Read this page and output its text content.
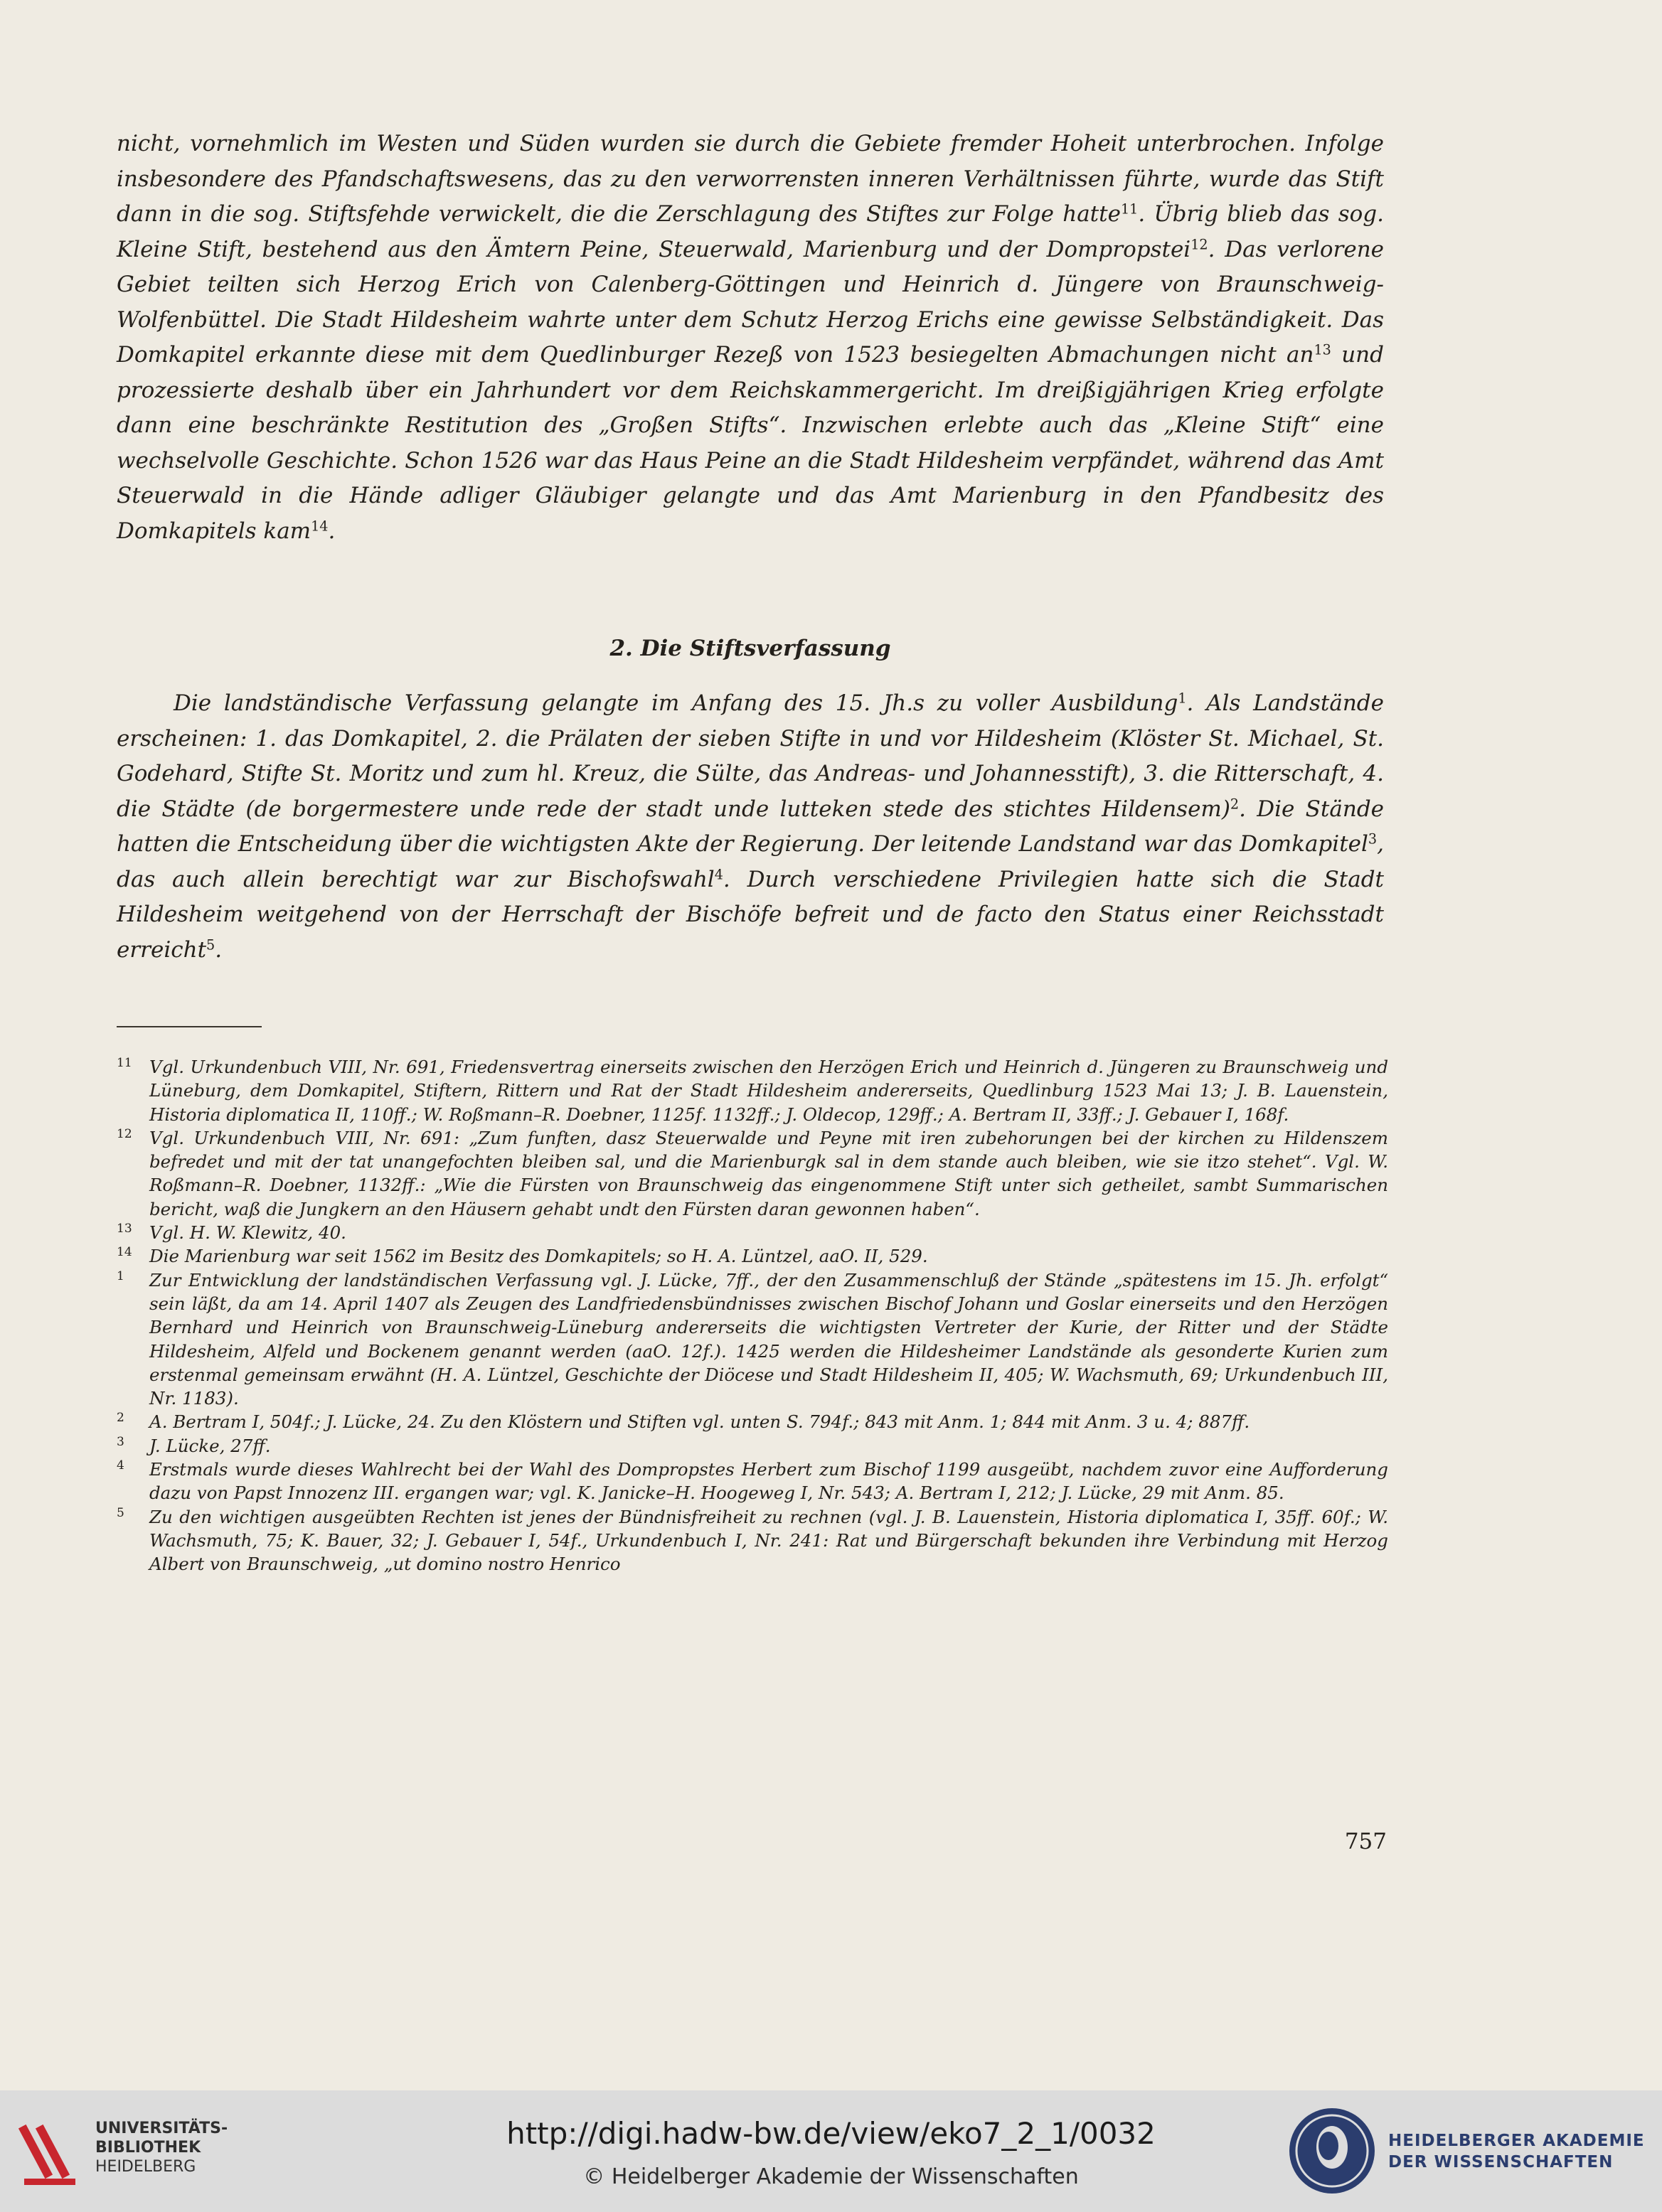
nicht, vornehmlich im Westen und Süden wurden sie durch die Gebiete fremder Hoheit unterbrochen. Infolge insbesondere des Pfandschaftswesens, das zu den verworrensten inneren Verhältnissen führte, wurde das Stift dann in die sog. Stiftsfehde verwickelt, die die Zerschlagung des Stiftes zur Folge hatte$^{11}$. Übrig blieb das sog. Kleine Stift, bestehend aus den Ämtern Peine, Steuerwald, Marienburg und der Dompropstei$^{12}$. Das verlorene Gebiet teilten sich Herzog Erich von Calenberg-Göttingen und Heinrich d. Jüngere von Braunschweig-Wolfenbüttel. Die Stadt Hildesheim wahrte unter dem Schutz Herzog Erichs eine gewisse Selbständigkeit. Das Domkapitel erkannte diese mit dem Quedlinburger Rezeß von 1523 besiegelten Abmachungen nicht $an^{13}$ und prozessierte deshalb über ein Jahrhundert vor dem Reichskammergericht. Im dreißigjährigen Krieg erfolgte dann eine beschränkte Restitution des „Großen Stifts“. Inzwischen erlebte auch das „Kleine Stift“ eine wechselvolle Geschichte. Schon 1526 war das Haus Peine an die Stadt Hildesheim verpfändet, während das Amt Steuerwald in die Hände adliger Gläubiger gelangte und das Amt Marienburg in den Pfandbesitz des Domkapitels kam$^{14}$.

2. Die Stiftsverfassung

Die landständische Verfassung gelangte im Anfang des 15. Jh.s zu voller Ausbildung$^1$. Als Landstände erscheinen: 1. das Domkapitel, 2. die Prälaten der sieben Stifte in und vor Hildesheim (Klöster St. Michael, St. Godehard, Stifte St. Moritz und zum hl. Kreuz, die Sülte, das Andreas- und Johannesstift), 3. die Ritterschaft, 4. die Städte (de borgermestere unde rede der stadt unde lutteken stede des stichtes Hildensem)$^2$. Die Stände hatten die Entscheidung über die wichtigsten Akte der Regierung. Der leitende Landstand war das Domkapitel$^3$, das auch allein berechtigt war zur Bischofswahl$^4$. Durch verschiedene Privilegien hatte sich die Stadt Hildesheim weitgehend von der Herrschaft der Bischöfe befreit und de facto den Status einer Reichsstadt erreicht$^5$.

11 Vgl. Urkundenbuch VIII, Nr. 691, Friedensvertrag einerseits zwischen den Herzögen Erich und Heinrich d. Jüngeren zu Braunschweig und Lüneburg, dem Domkapitel, Stiftern, Rittern und Rat der Stadt Hildesheim andererseits, Quedlinburg 1523 Mai 13; J. B. Lauenstein, Historia diplomatica II, 110ff.; W. Roßmann–R. Doebner, 1125f. 1132ff.; J. Oldecop, 129ff.; A. Bertram II, 33ff.; J. Gebauer I, 168f.
12 Vgl. Urkundenbuch VIII, Nr. 691: „Zum funften, dasz Steuerwalde und Peyne mit iren zubehorungen bei der kirchen zu Hildenszem befredet und mit der tat unangefochten bleiben sal, und die Marienburgk sal in dem stande auch bleiben, wie sie itzo stehet“. Vgl. W. Roßmann–R. Doebner, 1132ff.: „Wie die Fürsten von Braunschweig das eingenommene Stift unter sich getheilet, sambt Summarischen bericht, waß die Jungkern an den Häusern gehabt undt den Fürsten daran gewonnen haben“.
13 Vgl. H. W. Klewitz, 40.
14 Die Marienburg war seit 1562 im Besitz des Domkapitels; so H. A. Lüntzel, aaO. II, 529.
1	Zur Entwicklung der landständischen Verfassung vgl. J. Lücke, 7ff., der den Zusammenschluß der Stände „spätestens im 15. Jh. erfolgt“ sein läßt, da am 14. April 1407 als Zeugen des Landfriedensbündnisses zwischen Bischof Johann und Goslar einerseits und den Herzögen Bernhard und Heinrich von Braunschweig-Lüneburg andererseits die wichtigsten Vertreter der Kurie, der Ritter und der Städte Hildesheim, Alfeld und Bockenem genannt werden (aaO. 12f.). 1425 werden die Hildesheimer Landstände als gesonderte Kurien zum erstenmal gemeinsam erwähnt (H. A. Lüntzel, Geschichte der Diöcese und Stadt Hildesheim II, 405; W. Wachsmuth, 69; Urkundenbuch III, Nr. 1183).
2	A. Bertram I, 504f.; J. Lücke, 24. Zu den Klöstern und Stiften vgl. unten S. 794f.; 843 mit Anm. 1; 844 mit Anm. 3 u. 4; 887ff.
3	J. Lücke, 27ff.
4	Erstmals wurde dieses Wahlrecht bei der Wahl des Dompropstes Herbert zum Bischof 1199 ausgeübt, nachdem zuvor eine Aufforderung dazu von Papst Innozenz III. ergangen war; vgl. K. Janicke–H. Hoogeweg I, Nr. 543; A. Bertram I, 212; J. Lücke, 29 mit Anm. 85.
5	Zu den wichtigen ausgeübten Rechten ist jenes der Bündnisfreiheit zu rechnen (vgl. J. B. Lauenstein, Historia diplomatica I, 35ff. 60f.; W. Wachsmuth, 75; K. Bauer, 32; J. Gebauer I, 54f., Urkundenbuch I, Nr. 241: Rat und Bürgerschaft bekunden ihre Verbindung mit Herzog Albert von Braunschweig, „ut domino nostro Henrico
757
UNIVERSITÄTS-
BIBLIOTHEK
HEIDELBERG
http://digi.hadw-bw.de/view/eko7_2_1/0032
© Heidelberger Akademie der Wissenschaften
HEIDELBERGER AKADEMIE
DER WISSENSCHAFTEN
